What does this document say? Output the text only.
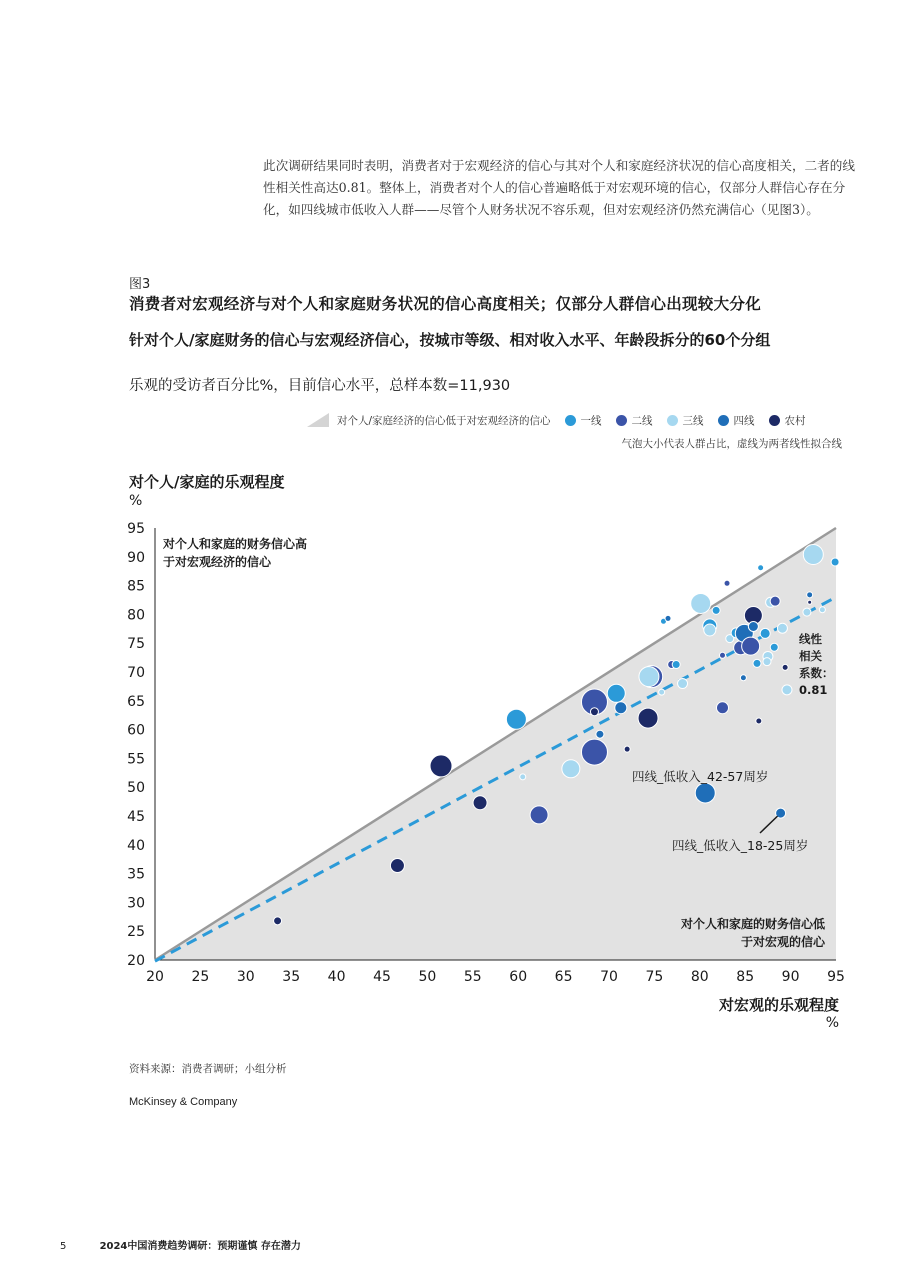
此次调研结果同时表明，消费者对于宏观经济的信心与其对个人和家庭经济状况的信心高度相关，二者的线性相关性高达0.81。整体上，消费者对个人的信心普遍略低于对宏观环境的信心，仅部分人群信心存在分化，如四线城市低收入人群——尽管个人财务状况不容乐观，但对宏观经济仍然充满信心（见图3）。
图3
消费者对宏观经济与对个人和家庭财务状况的信心高度相关；仅部分人群信心出现较大分化
针对个人/家庭财务的信心与宏观经济信心，按城市等级、相对收入水平、年龄段拆分的60个分组
乐观的受访者百分比%，目前信心水平，总样本数=11,930
对个人/家庭经济的信心低于对宏观经济的信心	一线	二线	三线	四线	农村
气泡大小代表人群占比，虚线为两者线性拟合线
对个人/家庭的乐观程度
%
20
25
30
35
40
45
50
55
60
65
70
75
80
85
90
95
20 25 30 35 40 45 50 55 60 65 70 75 80 85 90 95
对个人和家庭的财务信心高
于对宏观经济的信心
对个人和家庭的财务信心低
于对宏观的信心
线性
相关
系数：
0.81
四线_低收入_42-57周岁
四线_低收入_18-25周岁
对宏观的乐观程度
%
资料来源：消费者调研；小组分析
McKinsey & Company
5	2024中国消费趋势调研：预期谨慎 存在潜力
